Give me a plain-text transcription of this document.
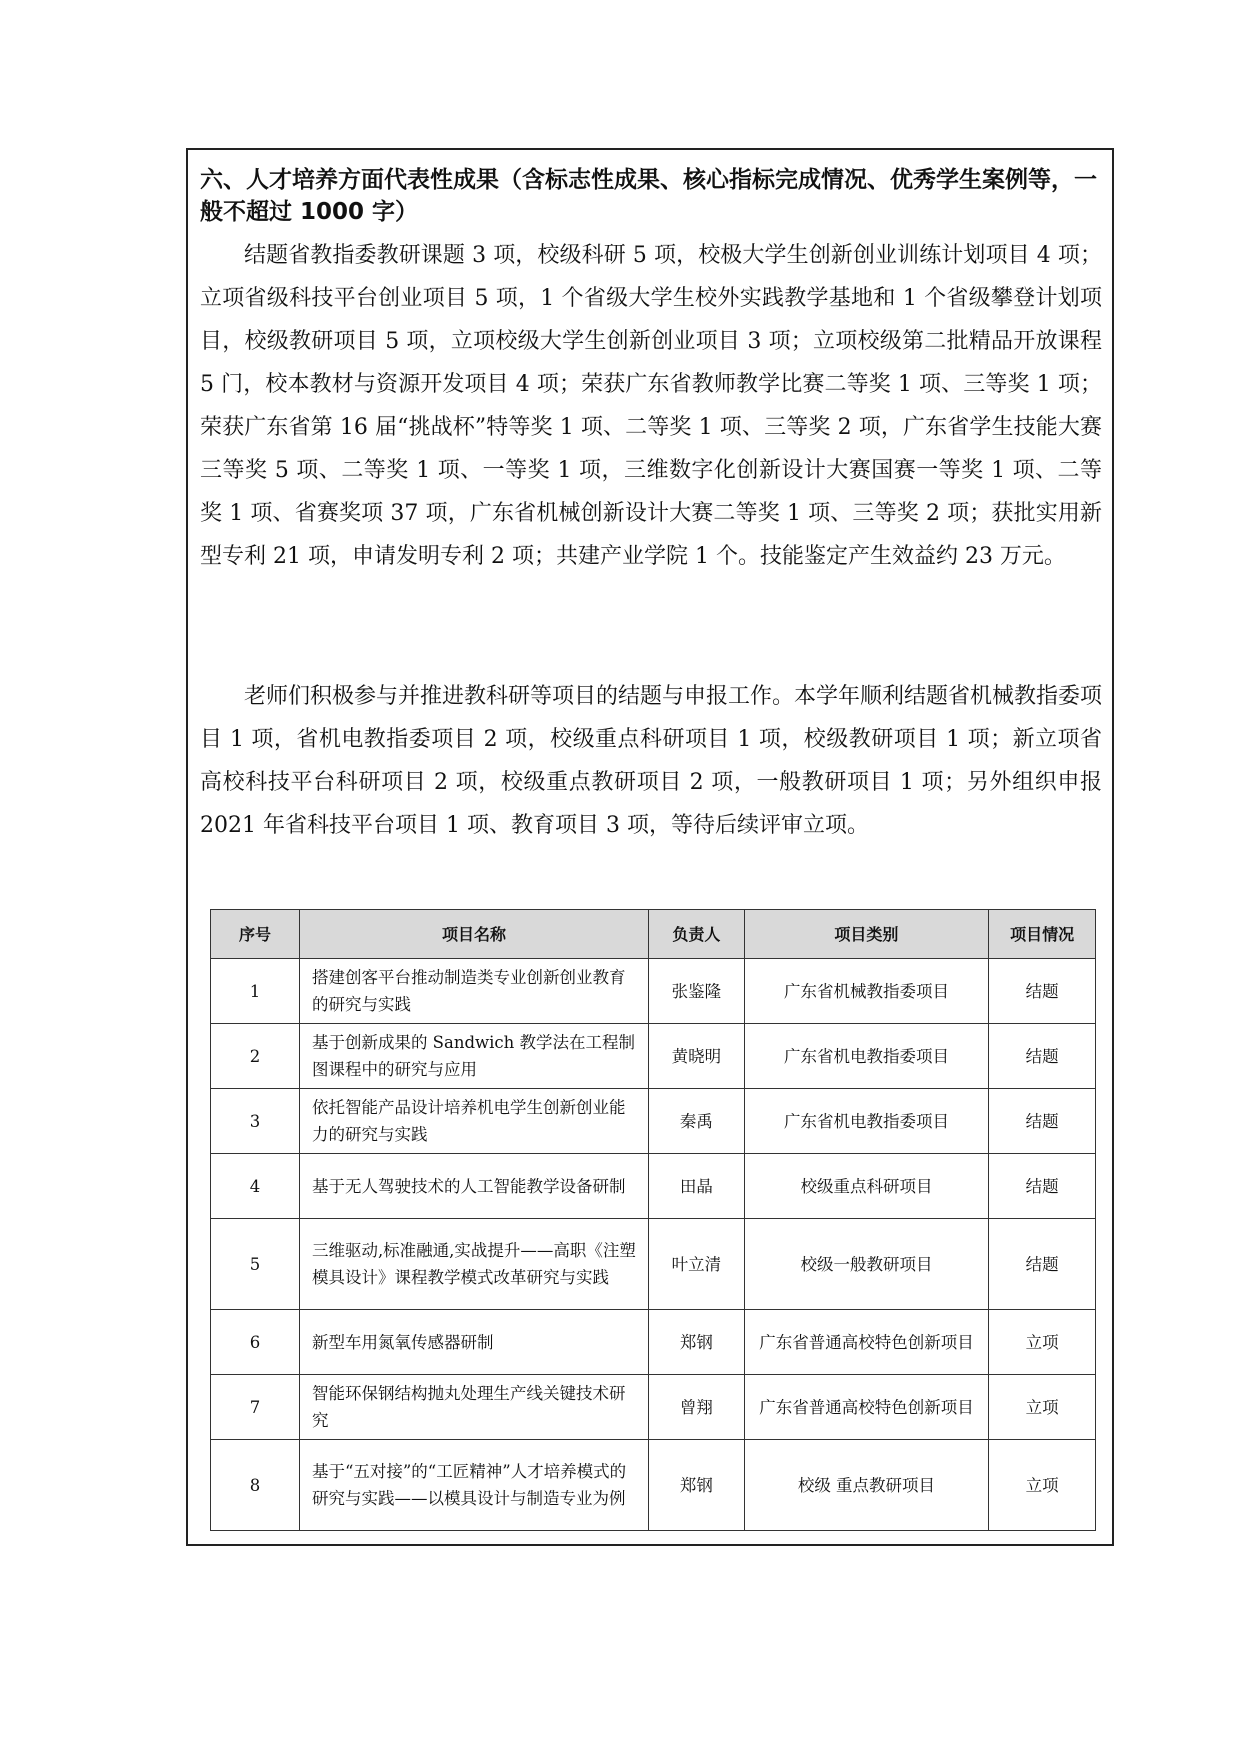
六、人才培养方面代表性成果（含标志性成果、核心指标完成情况、优秀学生案例等，一般不超过 1000 字）

结题省教指委教研课题 3 项，校级科研 5 项，校极大学生创新创业训练计划项目 4 项；立项省级科技平台创业项目 5 项，1 个省级大学生校外实践教学基地和 1 个省级攀登计划项目，校级教研项目 5 项，立项校级大学生创新创业项目 3 项；立项校级第二批精品开放课程 5 门，校本教材与资源开发项目 4 项；荣获广东省教师教学比赛二等奖 1 项、三等奖 1 项；荣获广东省第 16 届“挑战杯”特等奖 1 项、二等奖 1 项、三等奖 2 项，广东省学生技能大赛三等奖 5 项、二等奖 1 项、一等奖 1 项，三维数字化创新设计大赛国赛一等奖 1 项、二等奖 1 项、省赛奖项 37 项，广东省机械创新设计大赛二等奖 1 项、三等奖 2 项；获批实用新型专利 21 项，申请发明专利 2 项；共建产业学院 1 个。技能鉴定产生效益约 23 万元。

老师们积极参与并推进教科研等项目的结题与申报工作。本学年顺利结题省机械教指委项目 1 项，省机电教指委项目 2 项，校级重点科研项目 1 项，校级教研项目 1 项；新立项省高校科技平台科研项目 2 项，校级重点教研项目 2 项，一般教研项目 1 项；另外组织申报 2021 年省科技平台项目 1 项、教育项目 3 项，等待后续评审立项。

序号	项目名称	负责人	项目类别	项目情况
1	搭建创客平台推动制造类专业创新创业教育的研究与实践	张鉴隆	广东省机械教指委项目	结题
2	基于创新成果的 Sandwich 教学法在工程制图课程中的研究与应用	黄晓明	广东省机电教指委项目	结题
3	依托智能产品设计培养机电学生创新创业能力的研究与实践	秦禹	广东省机电教指委项目	结题
4	基于无人驾驶技术的人工智能教学设备研制	田晶	校级重点科研项目	结题
5	三维驱动,标准融通,实战提升——高职《注塑模具设计》课程教学模式改革研究与实践	叶立清	校级一般教研项目	结题
6	新型车用氮氧传感器研制	郑钢	广东省普通高校特色创新项目	立项
7	智能环保钢结构抛丸处理生产线关键技术研究	曾翔	广东省普通高校特色创新项目	立项
8	基于“五对接”的“工匠精神”人才培养模式的研究与实践——以模具设计与制造专业为例	郑钢	校级 重点教研项目	立项
